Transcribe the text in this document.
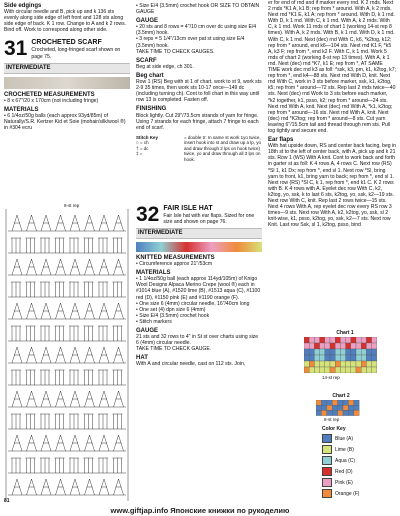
Side edgings
With circular needle and B, pick up and k 136 sts evenly along side edge of left front and 128 sts along side edge of back. K 1 row. Change to A and k 2 rows. Bind off. Work to correspond along other side.
31 CROCHETED SCARF
Crocheted, long-fringed scarf shown on page 75.
INTERMEDIATE
CROCHETED MEASUREMENTS
• 8 x 67"/20 x 170cm (not including fringe)
MATERIALS
• 6 1/4oz/50g balls (each approx 93yd/85m) of Naturally/S.R. Kertzer Kid et Soie (mohair/silk/wool ®) in #304 ecru
8-st rep
• Size E/4 (3.5mm) crochet hook OR SIZE TO OBTAIN GAUGE
GAUGE
• 20 sts and 8 rows = 4"/10 cm over dc using size E/4 (3.5mm) hook.
• 3 reps = 5 1/4"/13cm over pat st using size E/4 (3.5mm) hook.
TAKE TIME TO CHECK GAUGES.
SCARF
Beg at side edge, ch 301.
Beg chart
Row 1 (RS) Beg with st 1 of chart, work to st 9, work sts 2-9 35 times, then work sts 10-17 once—149 dc (including turning ch). Cont to foll chart in this way until row 13 is completed. Fasten off.
FINISHING
Block lightly. Cut 29"/73.5cm strands of yarn for fringe. Using 7 strands for each fringe, attach 7 fringe to each end of scarf.
Stitch Key
○ = ch
† = dc
‡ =
= double tr: In same st work 1yo twice, insert hook into st and draw up a lp, yo and draw through 2 lps on hook twice) twice, yo and draw through all 3 lps on hook.
32 FAIR ISLE HAT
Fair Isle hat with ear flaps. Sized for one size and shown on page 76.
INTERMEDIATE
KNITTED MEASUREMENTS
• Circumference approx 21"/53cm
MATERIALS
• 1 1/4oz/50g ball (each approx 114yd/105m) of Knigo Wool Designs Alpaca Merino Crepe (wool ®) each in #1014 blue (A), #1520 lime (B), #1513 aqua (C), #1100 red (D), #1150 pink (E) and #1190 orange (F).
• One size 6 (4mm) circular needle, 16"/40cm long
• One set (4) dpn size 6 (4mm)
• Size E/4 (3.5mm) crochet hook
• Stitch markers
GAUGE
21 sts and 32 rows to 4" in St st over charts using size 6 (4mm) circular needle.
TAKE TIME TO CHECK GAUGE.
HAT
With A and circular needle, cast on 112 sts. Join,
er for end of rnd and if marker every rnd. K 2 rnds. Next 2 rnds *K1 A, k1 B; rep from * around. With A, k 2 rnds. Next rnd *K1 E, k1 A; rep from * around. With D, k 1 rnd. With D, k 1 rnd. With C, k 1 rnd. With A, k 2 rnds. With C, k 1 rnd. Work 11 rnds of chart 1 (working 14-st rep 8 times). With A, k 2 rnds. With B, k 1 rnd. With D, k 1 rnd. With C, k 1 rnd. Next (dec) rnd With C, k6, *k2tog, k12; rep from * around, end k6—104 sts. Next rnd K1 F, *k5 A, k3 F; rep from *, end k2 F. With C, k 1 rnd. Work 5 rnds of chart 2 (working 8-st rep 13 times). With A, k 1 rnd. Next (dec) rnd *K7, k1 E; rep from *, AT SAME TIME work dec rnd k3 as foll: *ssk, k3, pm, k1, k2tog, k7; rep from *, end k4—88 sts. Next rnd With D, knit. Next rnd With C, work in 3 sts before marker, ssk, k1, k2tog, k5; rep from * around—72 sts. Rep last 2 rnds twice—40 sts. Next (dec) rnd Work to 3 sts before each marker, *k2 together, k1, psso, k2; rep from * around—24 sts. Next rnd With A, knit. Next (dec) rnd With A, *k1, k2tog; rep from * around—16 sts. Next rnd With A, knit. Next (dec) rnd *K2tog; rep from * around—8 sts. Cut yarn leaving 6"/15.5cm tail and thread through rem sts. Pull tog tightly and secure end.
Ear flaps
With hat upside down, RS and center back facing, beg in 18th st to the left of center back, with A, pick up and k 21 sts. Row 1 (WS) With A knit. Cont to work back and forth in garter st as foll: K 4 rows A, 4 rows C. Next row (RS) *Sl 1, k1 Dx; rep from *, end sl 1. Next row *Sl, bring yarn to front, k1, bring yarn to back; rep from *, end sl 1. Next row (RS) *Sl C, k 1, rep from *, end k1 C. K 2 rows with B. K 4 rows with A. Eyelet dec row With C, k2, k2tog, yo, ssk, k to last 6 sts, k2tog, yo, ssk, k2—19 sts. Next row With C, knit. Rep last 2 rows twice—15 sts. Next 4 rows With A, rep eyelet dec row every RS row 3 times—9 sts. Next row With A, k2, k2tog, yo, ssk, sl 2 knit-wise, k1, psso, k2tog, yo, ssk, k2—7 sts. Next row Knit. Last row Ssk, sl 1, k2tog, psso, bind
Chart 1
14-st rep
Chart 2
8-st rep
Color Key
Blue (A)
Lime (B)
Aqua (C)
Red (D)
Pink (E)
Orange (F)
81
www.giftjap.info Японские книжки по рукоделию
